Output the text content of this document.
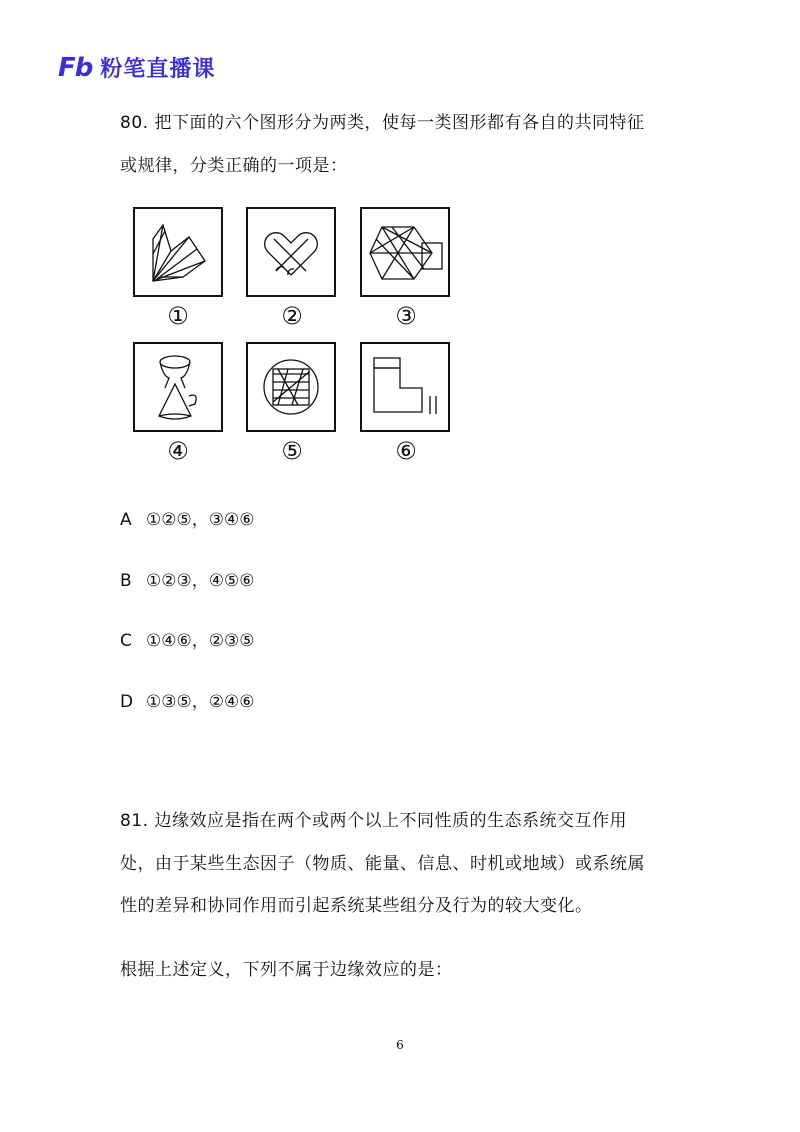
Fb 粉笔直播课
80. 把下面的六个图形分为两类，使每一类图形都有各自的共同特征
或规律，分类正确的一项是：
①	②	③
④	⑤	⑥
A ①②⑤，③④⑥
B ①②③，④⑤⑥
C ①④⑥，②③⑤
D ①③⑤，②④⑥
81. 边缘效应是指在两个或两个以上不同性质的生态系统交互作用
处，由于某些生态因子（物质、能量、信息、时机或地域）或系统属
性的差异和协同作用而引起系统某些组分及行为的较大变化。
根据上述定义，下列不属于边缘效应的是：
6
